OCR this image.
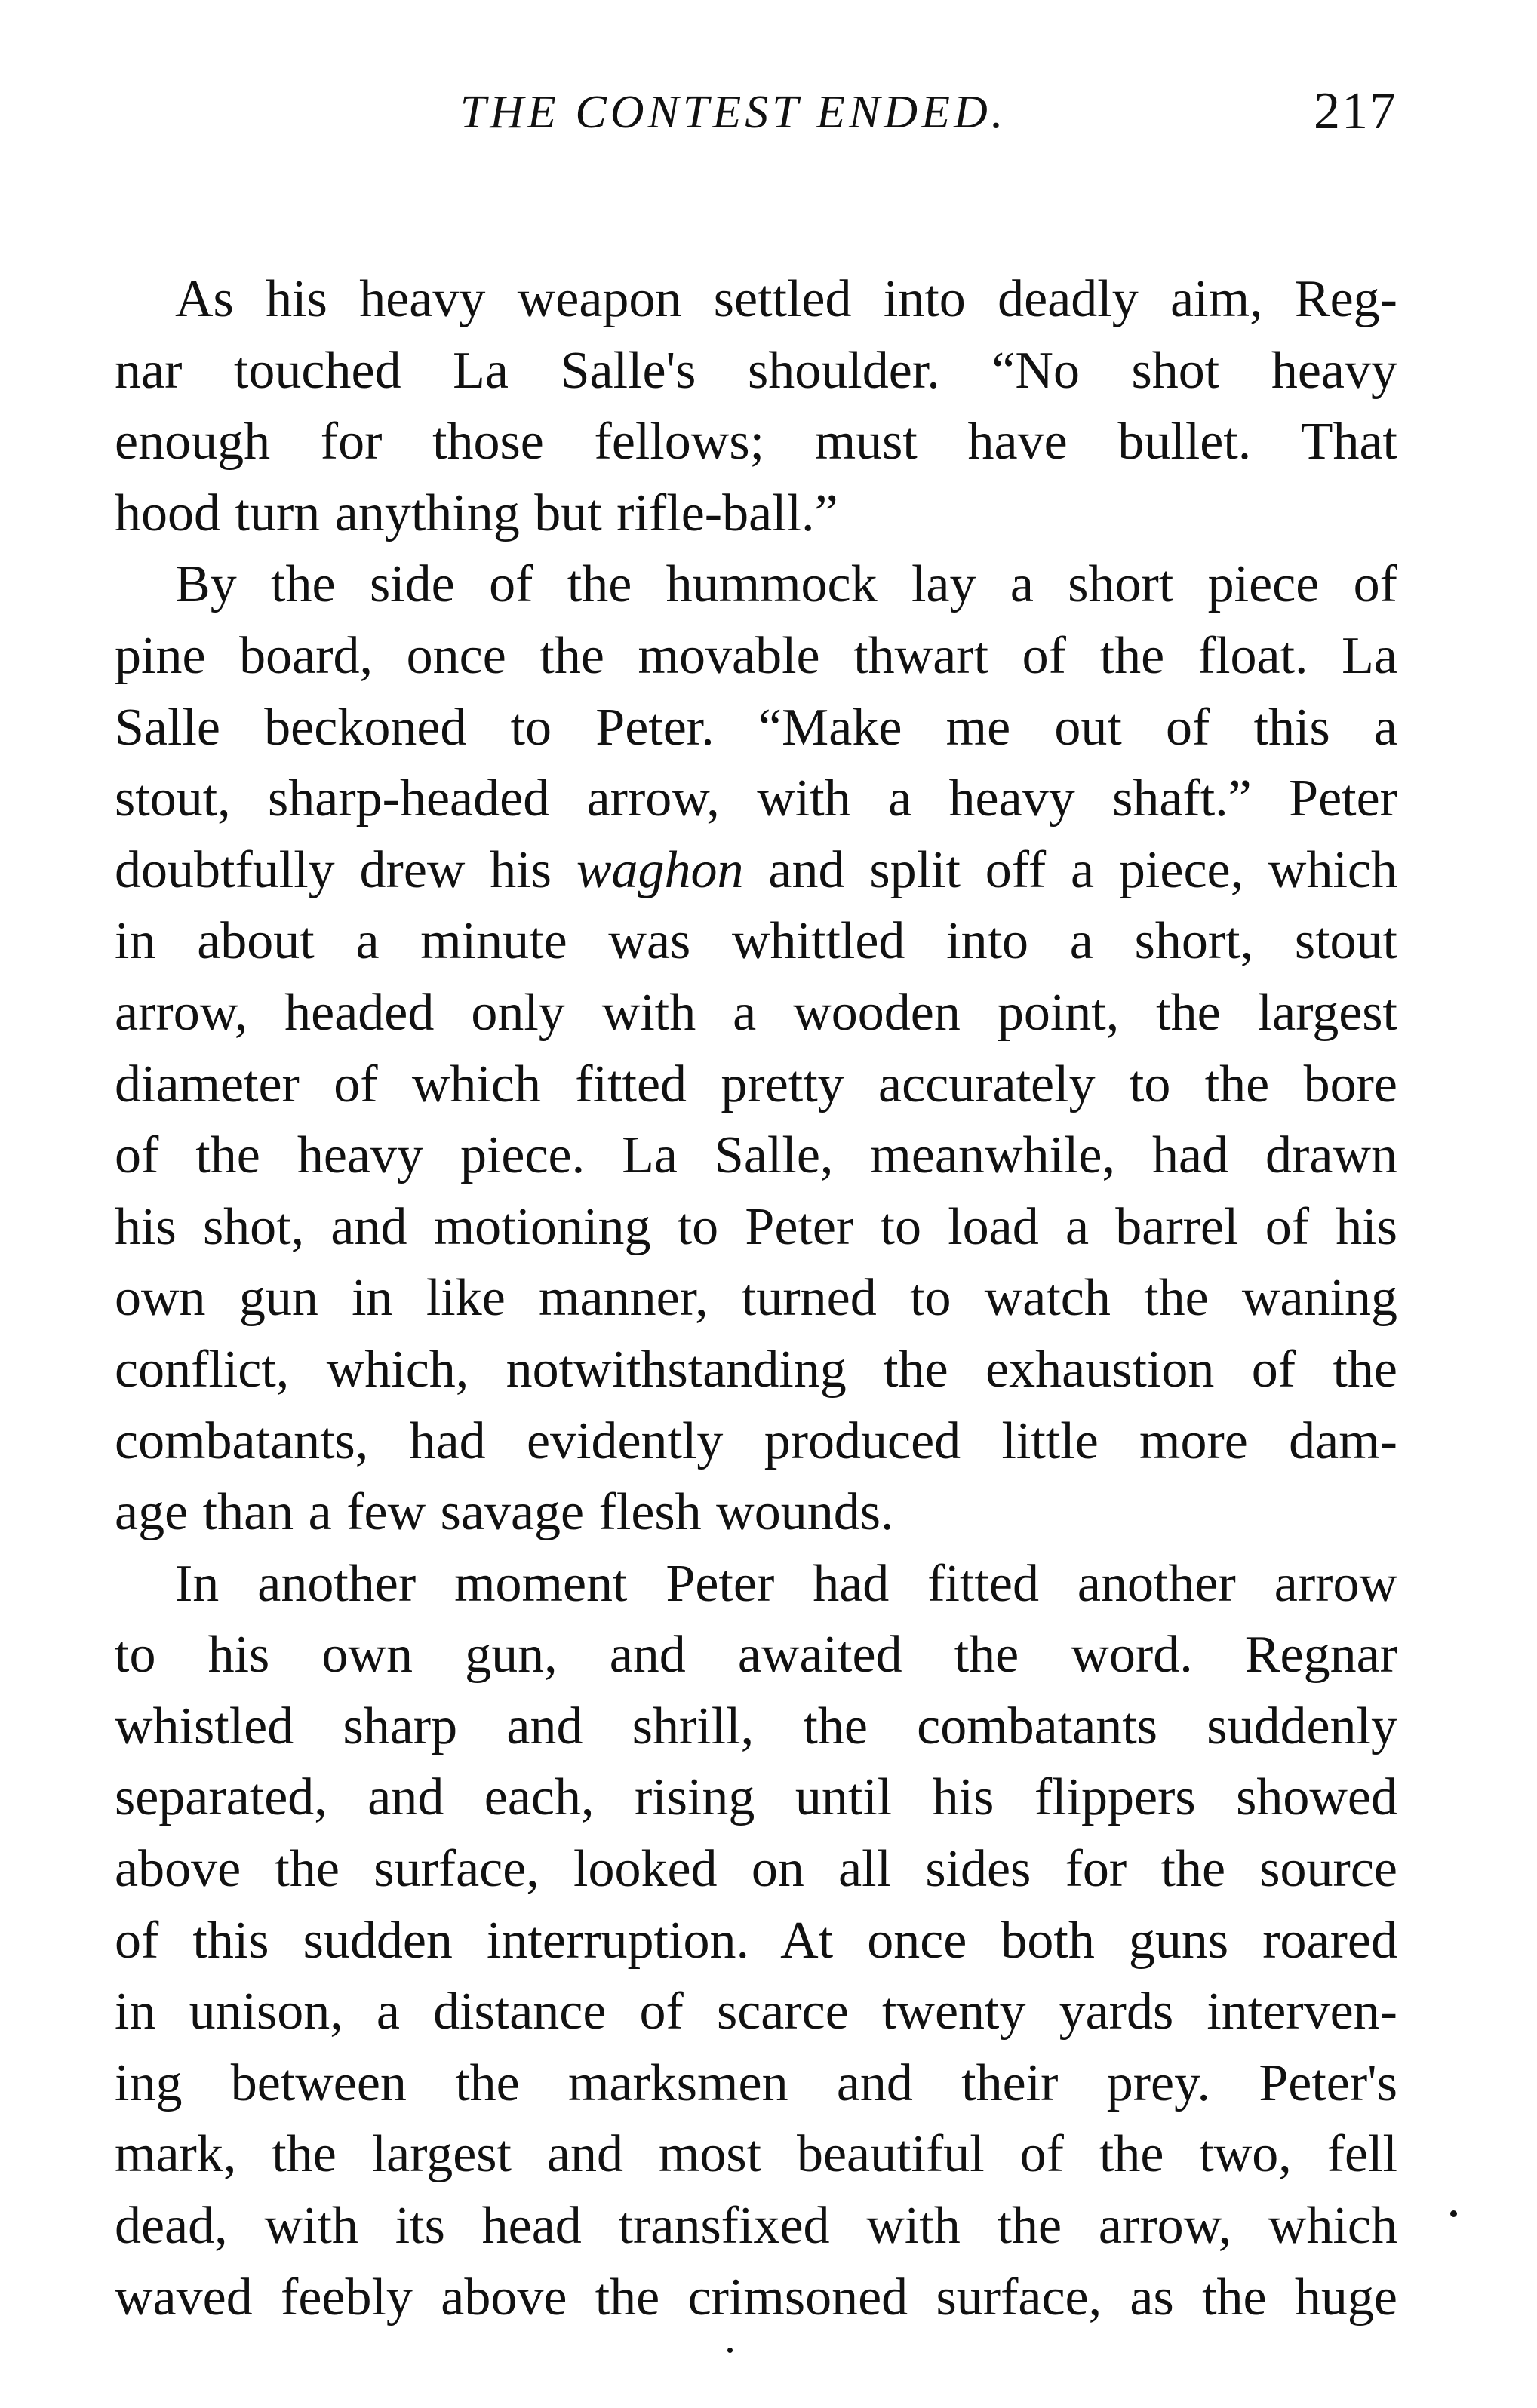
THE CONTEST ENDED.	217

As his heavy weapon settled into deadly aim, Reg-
nar touched La Salle's shoulder. “No shot heavy
enough for those fellows; must have bullet. That
hood turn anything but rifle-ball.”

By the side of the hummock lay a short piece of
pine board, once the movable thwart of the float. La
Salle beckoned to Peter. “Make me out of this a
stout, sharp-headed arrow, with a heavy shaft.” Peter
doubtfully drew his waghon and split off a piece, which
in about a minute was whittled into a short, stout
arrow, headed only with a wooden point, the largest
diameter of which fitted pretty accurately to the bore
of the heavy piece. La Salle, meanwhile, had drawn
his shot, and motioning to Peter to load a barrel of his
own gun in like manner, turned to watch the waning
conflict, which, notwithstanding the exhaustion of the
combatants, had evidently produced little more dam-
age than a few savage flesh wounds.

In another moment Peter had fitted another arrow
to his own gun, and awaited the word. Regnar
whistled sharp and shrill, the combatants suddenly
separated, and each, rising until his flippers showed
above the surface, looked on all sides for the source
of this sudden interruption. At once both guns roared
in unison, a distance of scarce twenty yards interven-
ing between the marksmen and their prey. Peter's
mark, the largest and most beautiful of the two, fell
dead, with its head transfixed with the arrow, which
waved feebly above the crimsoned surface, as the huge
